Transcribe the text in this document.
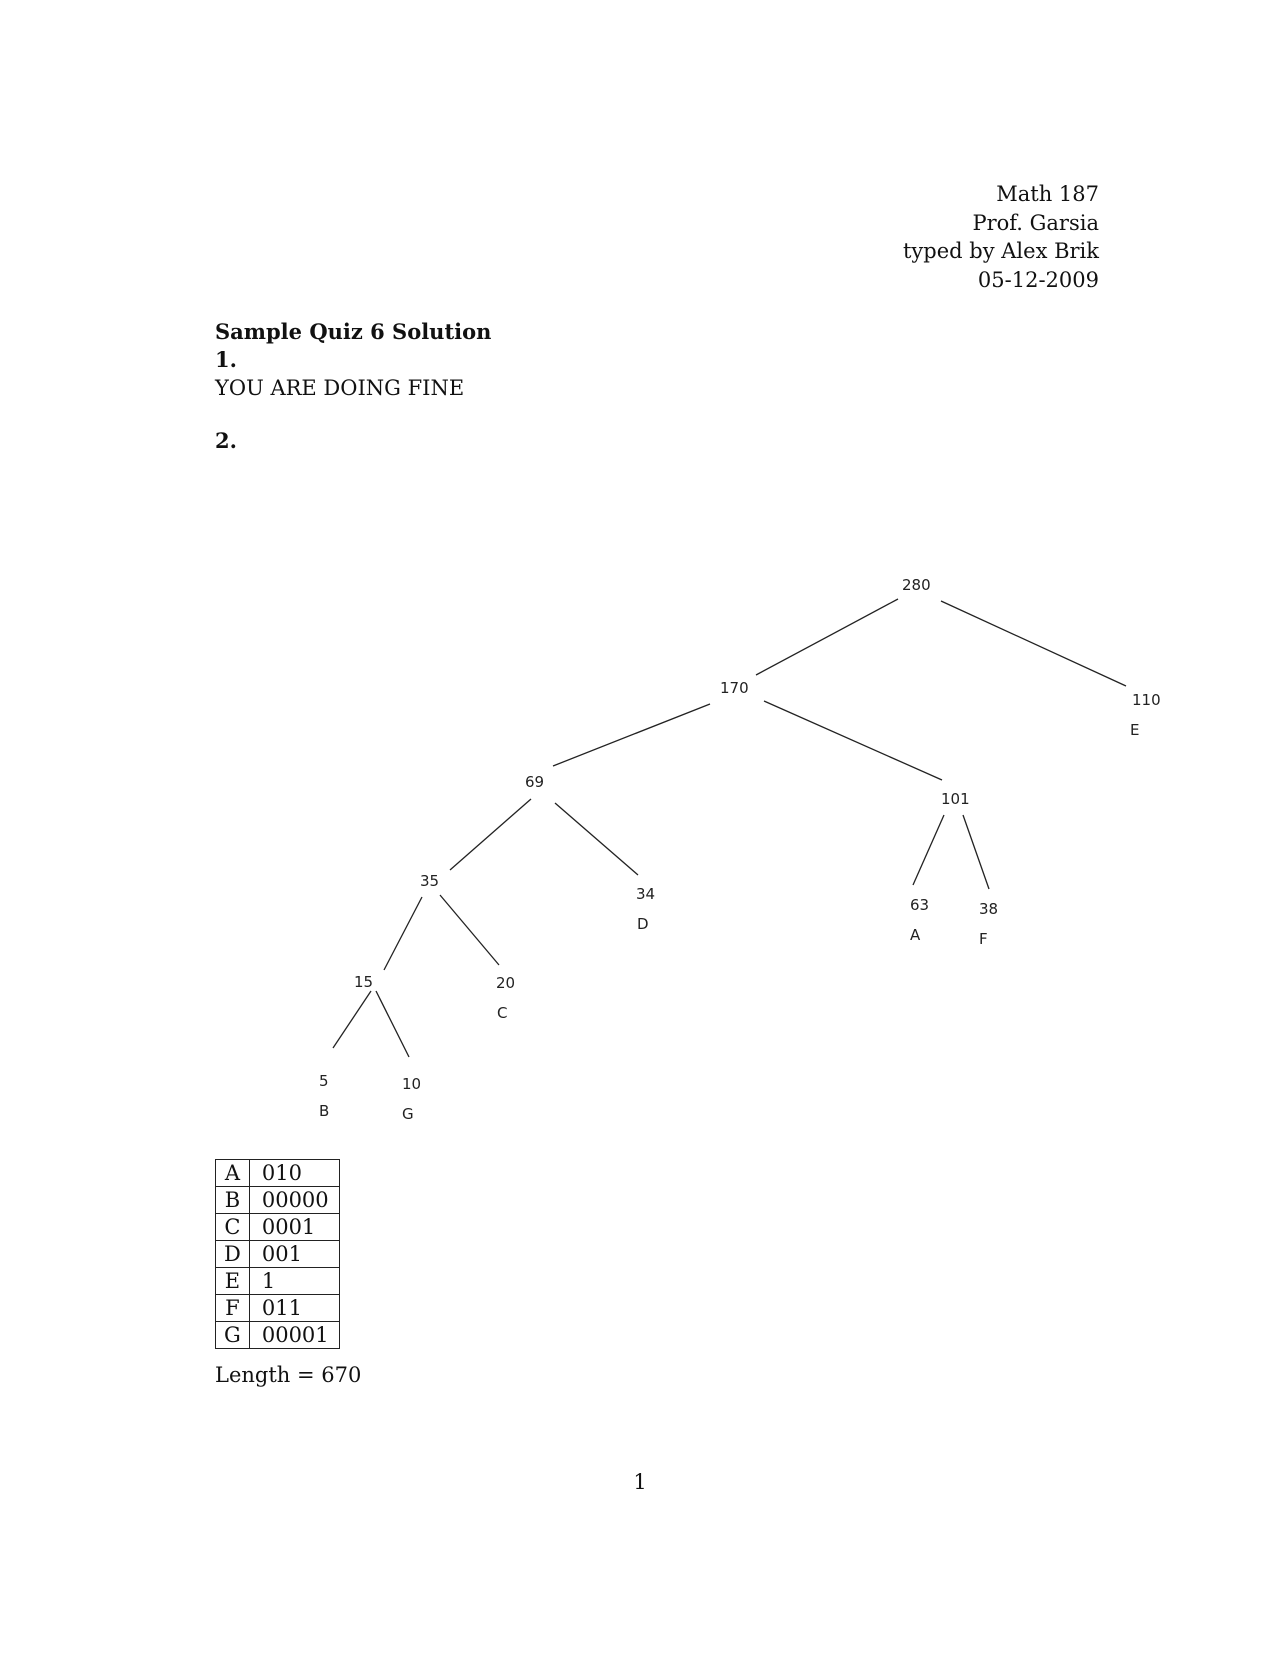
Math 187
Prof. Garsia
typed by Alex Brik
05-12-2009
Sample Quiz 6 Solution
1.
YOU ARE DOING FINE
2.
280
170
110
69
101
35
34
63	38
15	20
5	10
E
D
A	F
C
B	G
A	010
B	00000
C	0001
D	001
E	1
F	011
G	00001
Length = 670
1
